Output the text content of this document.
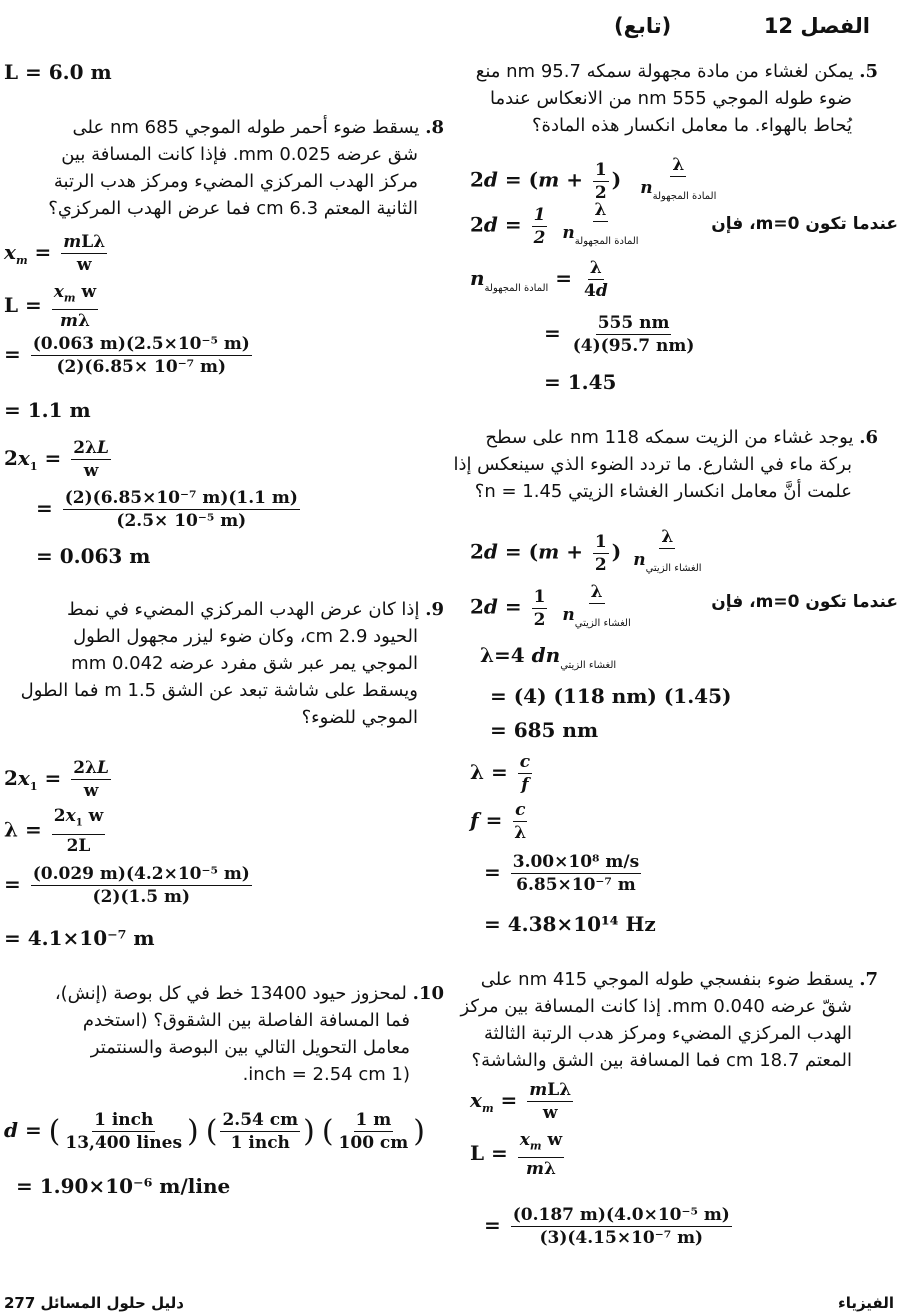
الفصل 12
(تابع)
5. يمكن لغشاء من مادة مجهولة سمكه 95.7 nm منع
ضوء طوله الموجي 555 nm من الانعكاس عندما
يُحاط بالهواء. ما معامل انكسار هذه المادة؟
$2d = (m + \frac{1}{2}$ ) $\frac{\lambda}{n_{المادة المجهولة}}$
$2d = \frac{1}{2}$
$\frac{\lambda}{n_{المادة المجهولة}}$	عندما تكون m=0، فإن
$n_{المادة المجهولة} = \frac{\lambda}{4d}$
= $\frac{555 nm}{(4)(95.7 nm)}$
= 1.45
6. يوجد غشاء من الزيت سمكه 118 nm على سطح
بركة ماء في الشارع. ما تردد الضوء الذي سينعكس إذا
علمت أنَّ معامل انكسار الغشاء الزيتي n = 1.45؟
$2d = (m + \frac{1}{2}$ ) $\frac{\lambda}{n_{الغشاء الزيتي}}$
$2d = \frac{1}{2}$
$\frac{\lambda}{n_{الغشاء الزيتي}}$	عندما تكون m=0، فإن
λ=4 $dn_{الغشاء الزيتي}$
= (4) (118 nm) (1.45)
= 685 nm
$\lambda = \frac{c}{f}$
$f = \frac{c}{\lambda}$
= $\frac{\text{3.00×10⁸ m/s}}{\text{6.85×10⁻⁷ m}}$
= 4.38×10¹⁴ Hz
7. يسقط ضوء بنفسجي طوله الموجي 415 nm على
شقّ عرضه 0.040 mm. إذا كانت المسافة بين مركز
الهدب المركزي المضيء ومركز هدب الرتبة الثالثة
المعتم 18.7 cm فما المسافة بين الشق والشاشة؟
$x_m = \frac{\text{mLλ}}{w}$
$L = \frac{x_m w}{m\lambda}$
= $\frac{\text{(0.187 m)(4.0×10⁻⁵ m)}}{\text{(3)(4.15×10⁻⁷ m)}}$
L = 6.0 m
8. يسقط ضوء أحمر طوله الموجي 685 nm على
شق عرضه 0.025 mm. فإذا كانت المسافة بين
مركز الهدب المركزي المضيء ومركز هدب الرتبة
الثانية المعتم 6.3 cm فما عرض الهدب المركزي؟
$x_m = \frac{\text{mLλ}}{w}$
$L = \frac{x_m w}{m\lambda}$
= $\frac{\text{(0.063 m)(2.5×10⁻⁵ m)}}{\text{(2)(6.85× 10⁻⁷ m)}}$
= 1.1 m
$2x_1 = \frac{2\lambda L}{w}$
= $\frac{\text{(2)(6.85×10⁻⁷ m)(1.1 m)}}{\text{(2.5× 10⁻⁵ m)}}$
= 0.063 m
9. إذا كان عرض الهدب المركزي المضيء في نمط
الحيود 2.9 cm، وكان ضوء ليزر مجهول الطول
الموجي يمر عبر شق مفرد عرضه 0.042 mm
ويسقط على شاشة تبعد عن الشق 1.5 m فما الطول
الموجي للضوء؟
$2x_1 = \frac{2\lambda L}{w}$
$\lambda = \frac{2x_1 w}{2L}$
= $\frac{\text{(0.029 m)(4.2×10⁻⁵ m)}}{(2)(1.5 m)}$
= 4.1×10⁻⁷ m
10. لمحزوز حيود 13400 خط في كل بوصة (إنش)،
فما المسافة الفاصلة بين الشقوق؟ (استخدم
معامل التحويل التالي بين البوصة والسنتمتر
(1 inch = 2.54 cm.
d = ( $\frac{\text{1 inch}}{\text{13,400 lines}}$ ) ( $\frac{2.54 cm}{\text{1 inch}}$ ) ( $\frac{1 m}{100 cm}$ )
= 1.90×10⁻⁶ m/line
دليل حلول المسائل 277	الفيزياء
